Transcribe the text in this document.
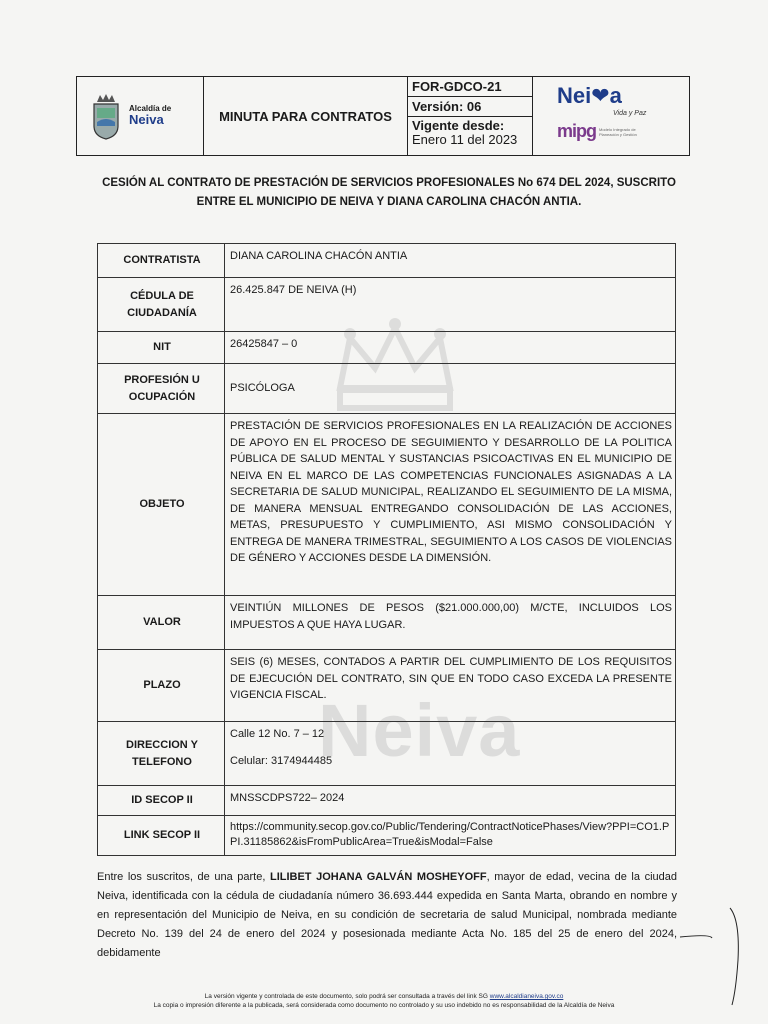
Neiva
Alcaldía de
Neiva	MINUTA PARA CONTRATOS
FOR-GDCO-21
Versión: 06
Vigente desde:
Enero 11 del 2023
Nei❤a
Vida y Paz
mipg Modelo Integrado de Planeación y Gestión
CESIÓN AL CONTRATO DE PRESTACIÓN DE SERVICIOS PROFESIONALES No 674 DEL 2024, SUSCRITO
ENTRE EL MUNICIPIO DE NEIVA Y DIANA CAROLINA CHACÓN ANTIA.
CONTRATISTA	DIANA CAROLINA CHACÓN ANTIA
CÉDULA DE CIUDADANÍA	26.425.847 DE NEIVA (H)
NIT	26425847 – 0
PROFESIÓN U OCUPACIÓN	PSICÓLOGA
OBJETO	PRESTACIÓN DE SERVICIOS PROFESIONALES EN LA REALIZACIÓN DE ACCIONES DE APOYO EN EL PROCESO DE SEGUIMIENTO Y DESARROLLO DE LA POLITICA PÚBLICA DE SALUD MENTAL Y SUSTANCIAS PSICOACTIVAS EN EL MUNICIPIO DE NEIVA EN EL MARCO DE LAS COMPETENCIAS FUNCIONALES ASIGNADAS A LA SECRETARIA DE SALUD MUNICIPAL, REALIZANDO EL SEGUIMIENTO DE LA MISMA, DE MANERA MENSUAL ENTREGANDO CONSOLIDACIÓN DE LAS ACCIONES, METAS, PRESUPUESTO Y CUMPLIMIENTO, ASI MISMO CONSOLIDACIÓN Y ENTREGA DE MANERA TRIMESTRAL, SEGUIMIENTO A LOS CASOS DE VIOLENCIAS DE GÉNERO Y ACCIONES DESDE LA DIMENSIÓN.
VALOR	VEINTIÚN MILLONES DE PESOS ($21.000.000,00) M/CTE, INCLUIDOS LOS IMPUESTOS A QUE HAYA LUGAR.
PLAZO	SEIS (6) MESES, CONTADOS A PARTIR DEL CUMPLIMIENTO DE LOS REQUISITOS DE EJECUCIÓN DEL CONTRATO, SIN QUE EN TODO CASO EXCEDA LA PRESENTE VIGENCIA FISCAL.
DIRECCION Y TELEFONO	Calle 12 No. 7 – 12
Celular: 3174944485

ID SECOP II	MNSSCDPS722– 2024
LINK SECOP II	https://community.secop.gov.co/Public/Tendering/ContractNoticePhases/View?PPI=CO1.PPI.31185862&isFromPublicArea=True&isModal=False
Entre los suscritos, de una parte, LILIBET JOHANA GALVÁN MOSHEYOFF, mayor de edad, vecina de la ciudad Neiva, identificada con la cédula de ciudadanía número 36.693.444 expedida en Santa Marta, obrando en nombre y en representación del Municipio de Neiva, en su condición de secretaria de salud Municipal, nombrada mediante Decreto No. 139 del 24 de enero del 2024 y posesionada mediante Acta No. 185 del 25 de enero del 2024, debidamente
La versión vigente y controlada de este documento, solo podrá ser consultada a través del link SG www.alcaldianeiva.gov.co
La copia o impresión diferente a la publicada, será considerada como documento no controlado y su uso indebido no es responsabilidad de la Alcaldía de Neiva
